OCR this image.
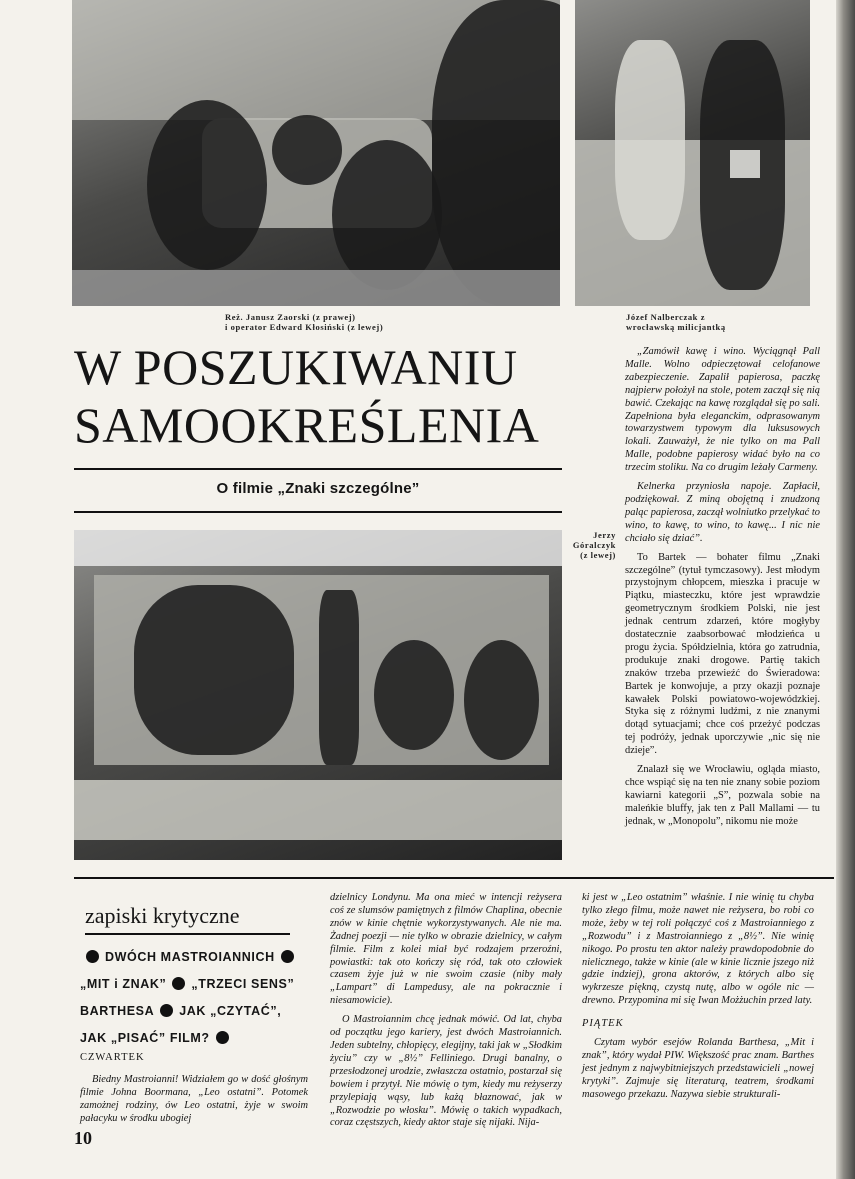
Reż. Janusz Zaorski (z prawej)
i operator Edward Kłosiński (z lewej)
Józef Nalberczak z
wrocławską milicjantką
Jerzy
Góralczyk
(z lewej)
W POSZUKIWANIU
SAMOOKREŚLENIA
O filmie „Znaki szczególne”

„Zamówił kawę i wino. Wyciągnął Pall Malle. Wolno odpieczętował celofanowe zabezpieczenie. Zapalił papierosa, paczkę najpierw położył na stole, potem zaczął się nią bawić. Czekając na kawę rozglądał się po sali. Zapełniona była eleganckim, odprasowanym towarzystwem typowym dla luksusowych lokali. Zauważył, że nie tylko on ma Pall Malle, podobne papierosy widać było na co trzecim stoliku. Na co drugim leżały Carmeny.

Kelnerka przyniosła napoje. Zapłacił, podziękował. Z miną obojętną i znudzoną paląc papierosa, zaczął wolniutko przelykać to wino, to kawę, to wino, to kawę... I nic nie chciało się dziać”.

To Bartek — bohater filmu „Znaki szczególne” (tytuł tymczasowy). Jest młodym przystojnym chłopcem, mieszka i pracuje w Piątku, miasteczku, które jest wprawdzie geometrycznym środkiem Polski, nie jest jednak centrum zdarzeń, które mogłyby dostatecznie zaabsorbować młodzieńca u progu życia. Spółdzielnia, która go zatrudnia, produkuje znaki drogowe. Partię takich znaków trzeba przewieźć do Świeradowa: Bartek je konwojuje, a przy okazji poznaje kawałek Polski powiatowo-wojewódzkiej. Styka się z różnymi ludźmi, z nie znanymi dotąd sytuacjami; chce coś przeżyć podczas tej podróży, jednak uporczywie „nic się nie dzieje”.

Znalazł się we Wrocławiu, ogląda miasto, chce wspiąć się na ten nie znany sobie poziom kawiarni kategorii „S”, pozwala sobie na maleńkie bluffy, jak ten z Pall Mallami — tu jednak, w „Monopolu”, nikomu nie może

zapiski krytyczne
DWÓCH MASTROIANNICH
„MIT i ZNAK” „TRZECI SENS”
BARTHESA JAK „CZYTAĆ”,
JAK „PISAĆ” FILM?
CZWARTEK

Biedny Mastroianni! Widziałem go w dość głośnym filmie Johna Boormana, „Leo ostatni”. Potomek zamożnej rodziny, ów Leo ostatni, żyje w swoim pałacyku w środku ubogiej

dzielnicy Londynu. Ma ona mieć w intencji reżysera coś ze slumsów pamiętnych z filmów Chaplina, obecnie znów w kinie chętnie wykorzystywanych. Ale nie ma. Żadnej poezji — nie tylko w obrazie dzielnicy, w całym filmie. Film z kolei miał być rodzajem przeroźni, powiastki: tak oto kończy się ród, tak oto człowiek czasem żyje już w nie swoim czasie (niby mały „Lampart” di Lampedusy, ale na pokracznie i niesamowicie).

O Mastroiannim chcę jednak mówić. Od lat, chyba od początku jego kariery, jest dwóch Mastroiannich. Jeden subtelny, chłopięcy, elegijny, taki jak w „Słodkim życiu” czy w „8½” Felliniego. Drugi banalny, o przesłodzonej urodzie, zwłaszcza ostatnio, postarzał się bowiem i przytył. Nie mówię o tym, kiedy mu reżyserzy przylepiają wąsy, lub każą błaznować, jak w „Rozwodzie po włosku”. Mówię o takich wypadkach, coraz częstszych, kiedy aktor staje się nijaki. Nija-

ki jest w „Leo ostatnim” właśnie. I nie winię tu chyba tylko złego filmu, może nawet nie reżysera, bo robi co może, żeby w tej roli połączyć coś z Mastroianniego z „Rozwodu” i z Mastroianniego z „8½”. Nie winię nikogo. Po prostu ten aktor należy prawdopodobnie do nielicznego, także w kinie (ale w kinie licznie jszego niż gdzie indziej), grona aktorów, z których albo się wykrzesze piękną, czystą nutę, albo w ogóle nic — drewno. Przypomina mi się Iwan Możżuchin przed laty.

PIĄTEK

Czytam wybór esejów Rolanda Barthesa, „Mit i znak”, który wydał PIW. Większość prac znam. Barthes jest jednym z najwybitniejszych przedstawicieli „nowej krytyki”. Zajmuje się literaturą, teatrem, środkami masowego przekazu. Nazywa siebie strukturali-

10
